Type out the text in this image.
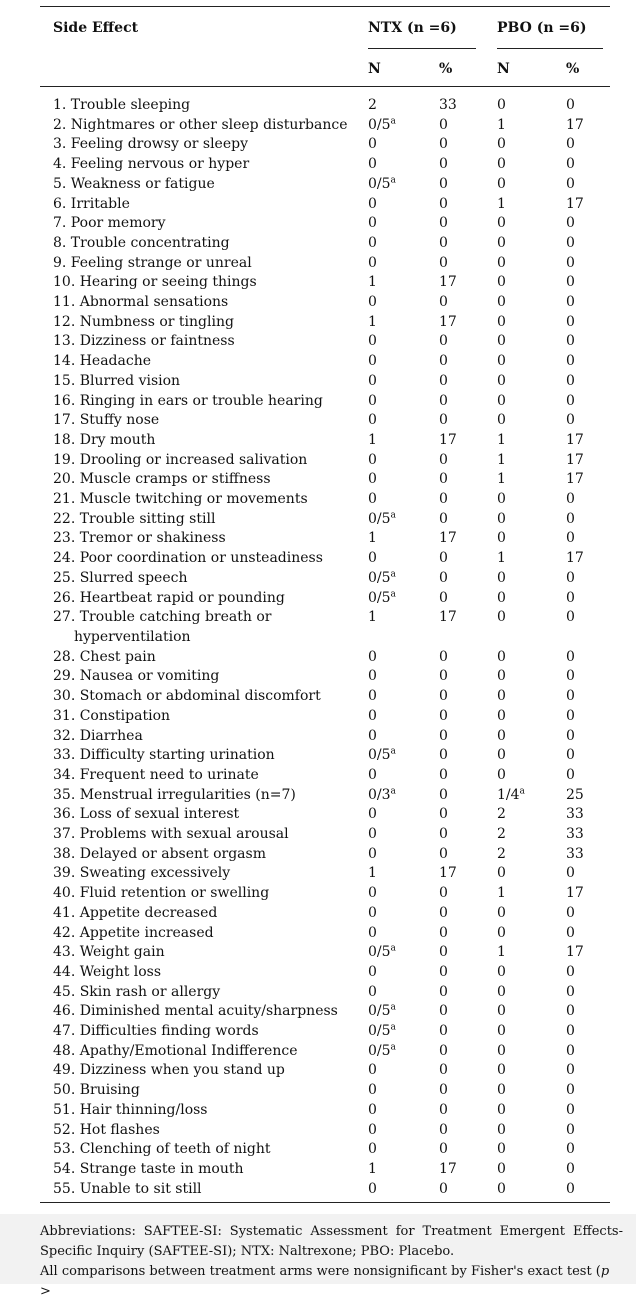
Side Effect	NTX (n =6)	PBO (n =6)
N	%	N	%
1. Trouble sleeping	2	33	0	0
2. Nightmares or other sleep disturbance	0/5$^a$	0	1	17
3. Feeling drowsy or sleepy	0	0	0	0
4. Feeling nervous or hyper	0	0	0	0
5. Weakness or fatigue	0/5$^a$	0	0	0
6. Irritable	0	0	1	17
7. Poor memory	0	0	0	0
8. Trouble concentrating	0	0	0	0
9. Feeling strange or unreal	0	0	0	0
10. Hearing or seeing things	1	17	0	0
11. Abnormal sensations	0	0	0	0
12. Numbness or tingling	1	17	0	0
13. Dizziness or faintness	0	0	0	0
14. Headache	0	0	0	0
15. Blurred vision	0	0	0	0
16. Ringing in ears or trouble hearing	0	0	0	0
17. Stuffy nose	0	0	0	0
18. Dry mouth	1	17	1	17
19. Drooling or increased salivation	0	0	1	17
20. Muscle cramps or stiffness	0	0	1	17
21. Muscle twitching or movements	0	0	0	0
22. Trouble sitting still	0/5$^a$	0	0	0
23. Tremor or shakiness	1	17	0	0
24. Poor coordination or unsteadiness	0	0	1	17
25. Slurred speech	0/5$^a$	0	0	0
26. Heartbeat rapid or pounding	0/5$^a$	0	0	0
27. Trouble catching breath or
hyperventilation
1	17	0	0
28. Chest pain	0	0	0	0
29. Nausea or vomiting	0	0	0	0
30. Stomach or abdominal discomfort	0	0	0	0
31. Constipation	0	0	0	0
32. Diarrhea	0	0	0	0
33. Difficulty starting urination	0/5$^a$	0	0	0
34. Frequent need to urinate	0	0	0	0
35. Menstrual irregularities (n=7)	0/3$^a$	0	1/4$^a$	25
36. Loss of sexual interest	0	0	2	33
37. Problems with sexual arousal	0	0	2	33
38. Delayed or absent orgasm	0	0	2	33
39. Sweating excessively	1	17	0	0
40. Fluid retention or swelling	0	0	1	17
41. Appetite decreased	0	0	0	0
42. Appetite increased	0	0	0	0
43. Weight gain	0/5$^a$	0	1	17
44. Weight loss	0	0	0	0
45. Skin rash or allergy	0	0	0	0
46. Diminished mental acuity/sharpness	0/5$^a$	0	0	0
47. Difficulties finding words	0/5$^a$	0	0	0
48. Apathy/Emotional Indifference	0/5$^a$	0	0	0
49. Dizziness when you stand up	0	0	0	0
50. Bruising	0	0	0	0
51. Hair thinning/loss	0	0	0	0
52. Hot flashes	0	0	0	0
53. Clenching of teeth of night	0	0	0	0
54. Strange taste in mouth	1	17	0	0
55. Unable to sit still	0	0	0	0

Abbreviations: SAFTEE-SI: Systematic Assessment for Treatment Emergent Effects-

Specific Inquiry (SAFTEE-SI); NTX: Naltrexone; PBO: Placebo.

All comparisons between treatment arms were nonsignificant by Fisher's exact test (p >
